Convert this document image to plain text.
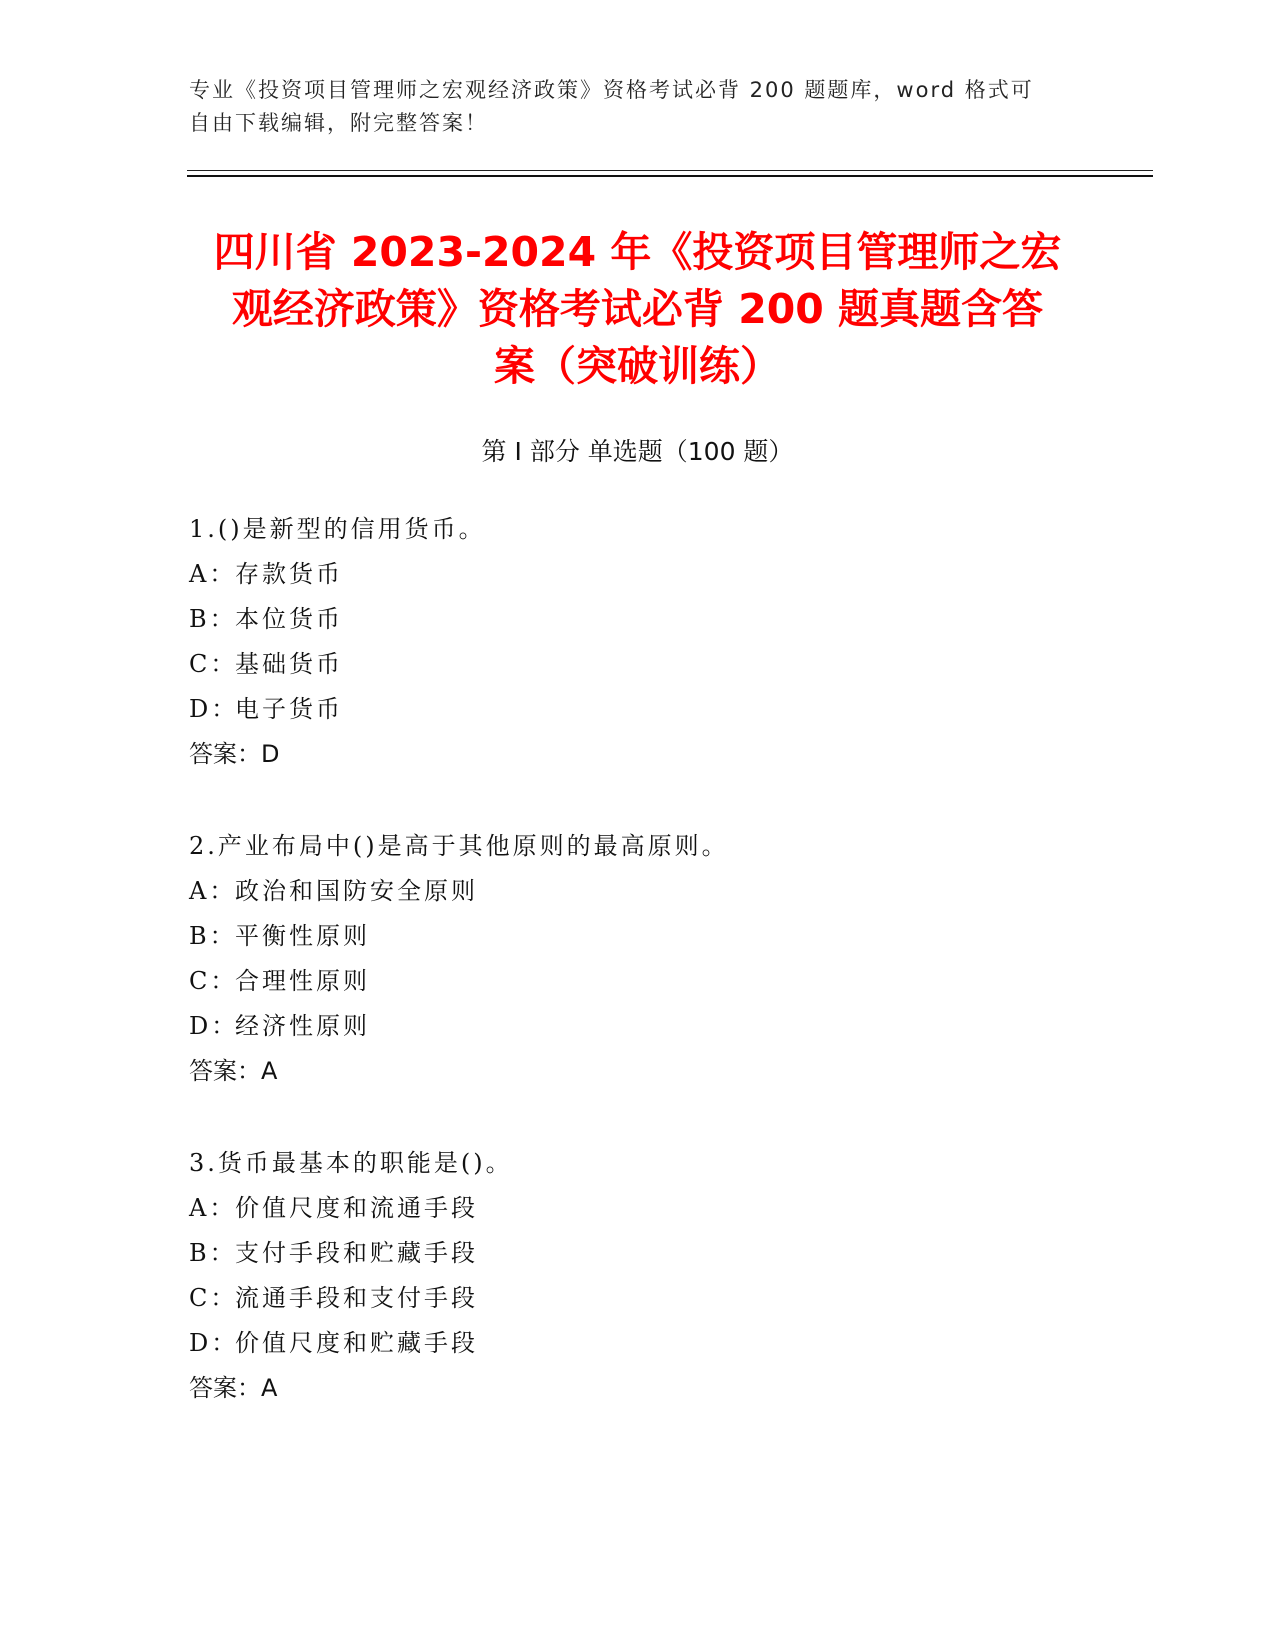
专业《投资项目管理师之宏观经济政策》资格考试必背 200 题题库，word 格式可
自由下载编辑，附完整答案！
四川省 2023-2024 年《投资项目管理师之宏
观经济政策》资格考试必背 200 题真题含答
案（突破训练）
第 I 部分 单选题（100 题）
1.()是新型的信用货币。
A：存款货币
B：本位货币
C：基础货币
D：电子货币
答案：D
2.产业布局中()是高于其他原则的最高原则。
A：政治和国防安全原则
B：平衡性原则
C：合理性原则
D：经济性原则
答案：A
3.货币最基本的职能是()。
A：价值尺度和流通手段
B：支付手段和贮藏手段
C：流通手段和支付手段
D：价值尺度和贮藏手段
答案：A
